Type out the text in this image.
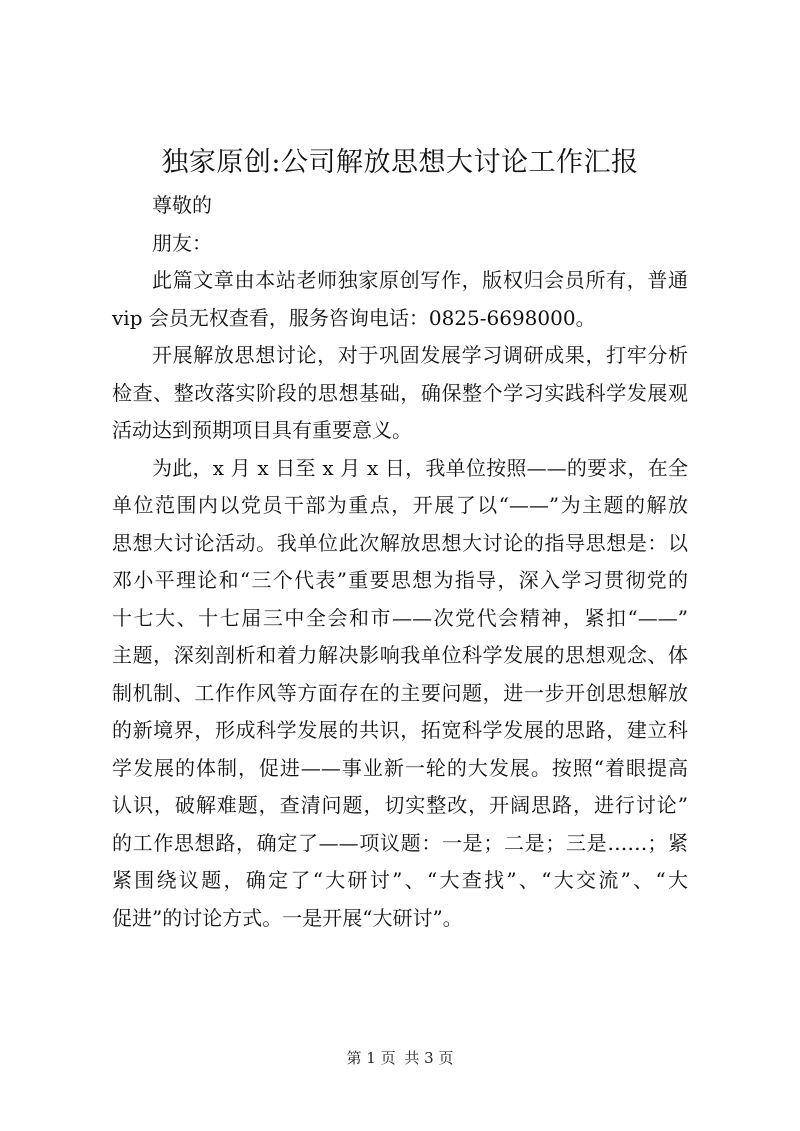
独家原创:公司解放思想大讨论工作汇报

尊敬的

朋友：

此篇文章由本站老师独家原创写作，版权归会员所有，普通
vip 会员无权查看，服务咨询电话：0825-6698000。

开展解放思想讨论，对于巩固发展学习调研成果，打牢分析
检查、整改落实阶段的思想基础，确保整个学习实践科学发展观
活动达到预期项目具有重要意义。

为此，x 月 x 日至 x 月 x 日，我单位按照——的要求，在全
单位范围内以党员干部为重点，开展了以“——”为主题的解放
思想大讨论活动。我单位此次解放思想大讨论的指导思想是：以
邓小平理论和“三个代表”重要思想为指导，深入学习贯彻党的
十七大、十七届三中全会和市——次党代会精神，紧扣“——”
主题，深刻剖析和着力解决影响我单位科学发展的思想观念、体
制机制、工作作风等方面存在的主要问题，进一步开创思想解放
的新境界，形成科学发展的共识，拓宽科学发展的思路，建立科
学发展的体制，促进——事业新一轮的大发展。按照“着眼提高
认识，破解难题，查清问题，切实整改，开阔思路，进行讨论”
的工作思想路，确定了——项议题：一是；二是；三是……；紧
紧围绕议题，确定了“大研讨”、“大查找”、“大交流”、“大
促进”的讨论方式。一是开展“大研讨”。

第 1 页 共 3 页
